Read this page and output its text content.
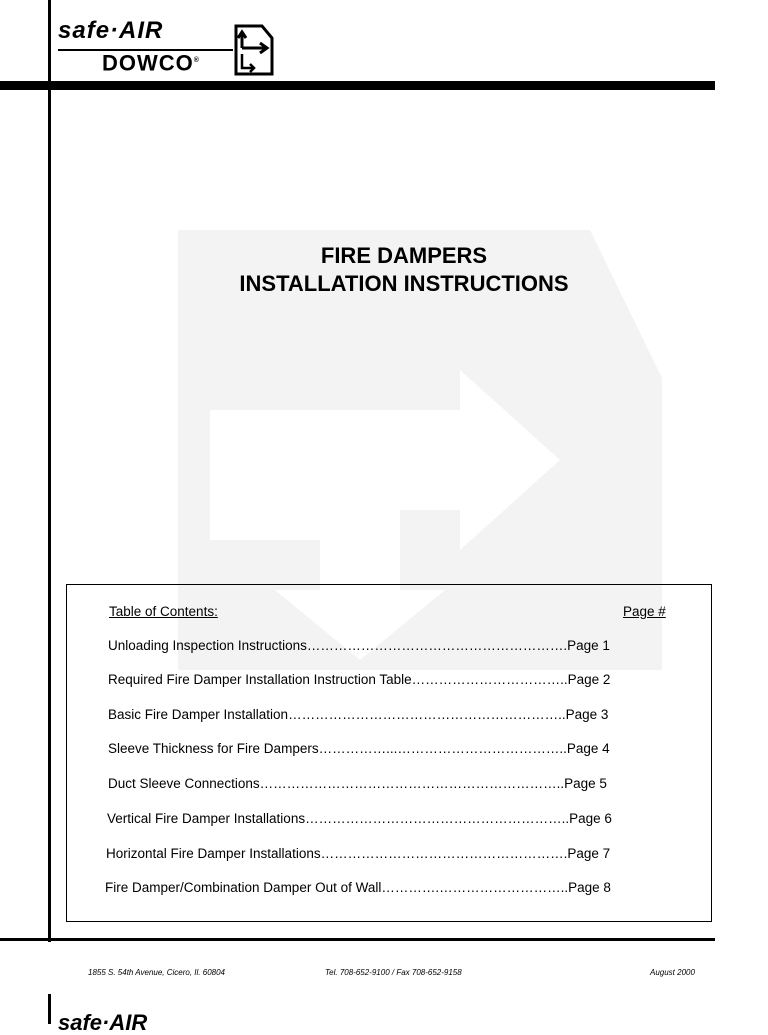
safe·AIR
DOWCO®
FIRE DAMPERS
INSTALLATION INSTRUCTIONS
Table of Contents:	Page #
Unloading Inspection Instructions………………………………………………….Page 1
Required Fire Damper Installation Instruction Table……………………………..Page 2
Basic Fire Damper Installation……………………………………………………..Page 3
Sleeve Thickness for Fire Dampers……………...………………………………..Page 4
Duct Sleeve Connections…………………………………………………………..Page 5
Vertical Fire Damper Installations…………………………………………………..Page 6
Horizontal Fire Damper Installations……………………………………………….Page 7
Fire Damper/Combination Damper Out of Wall………….………………………..Page 8
1855 S. 54th Avenue, Cicero, Il. 60804	Tel. 708-652-9100 / Fax 708-652-9158	August 2000
safe·AIR
